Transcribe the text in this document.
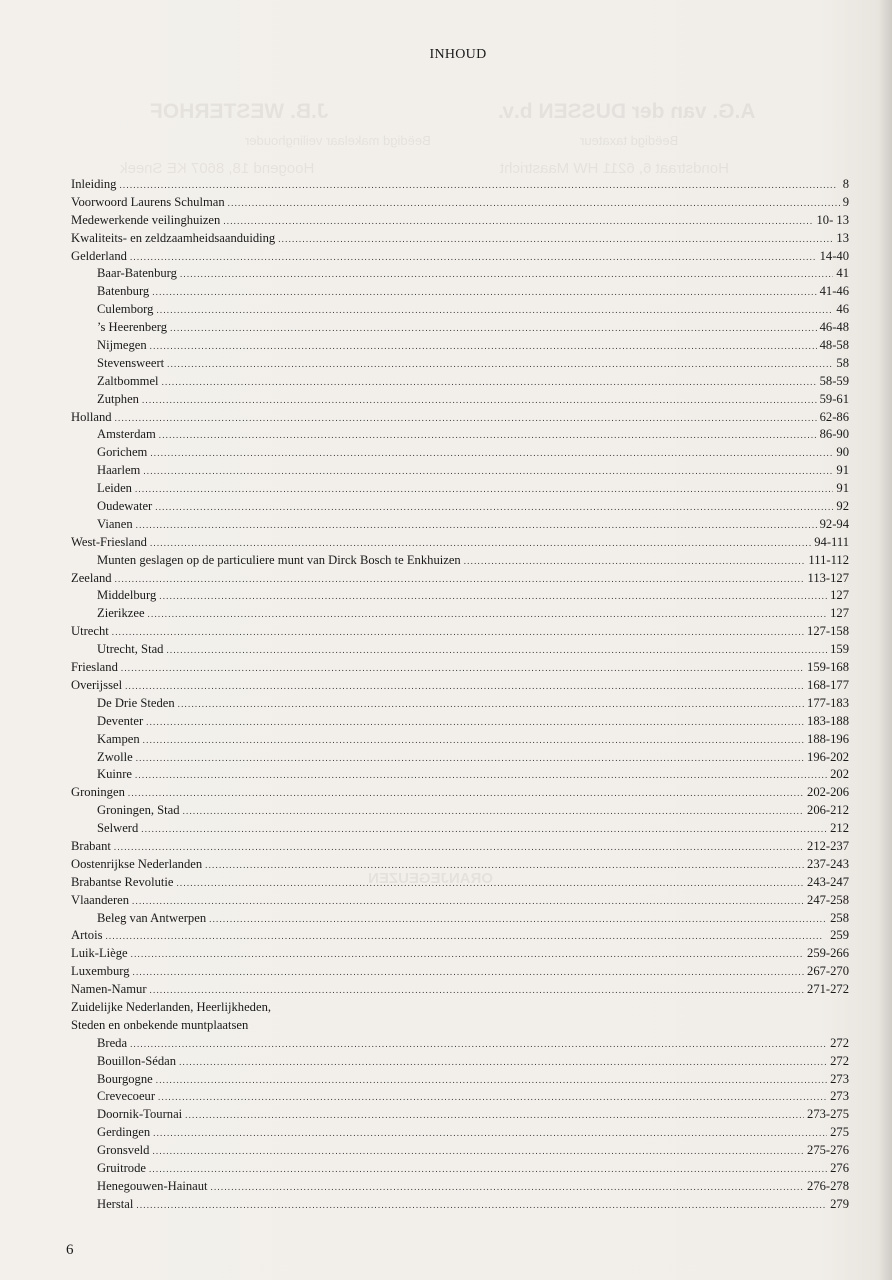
A.G. van der DUSSEN b.v.
J.B. WESTERHOF
Beëdigd taxateur
Beëdigd makelaar veilinghouder
Hondstraat 6, 6211 HW Maastricht
Hoogend 18, 8607 KE Sneek
ORANJEGEUZEN
INHOUD
Inleiding .....	8
Voorwoord Laurens Schulman .....	9
Medewerkende veilinghuizen .....	10- 13
Kwaliteits- en zeldzaamheidsaanduiding .....	13
Gelderland .....	14-40
Baar-Batenburg .....	41
Batenburg .....	41-46
Culemborg .....	46
’s Heerenberg .....	46-48
Nijmegen .....	48-58
Stevensweert .....	58
Zaltbommel .....	58-59
Zutphen .....	59-61
Holland .....	62-86
Amsterdam .....	86-90
Gorichem .....	90
Haarlem .....	91
Leiden .....	91
Oudewater .....	92
Vianen .....	92-94
West-Friesland .....	94-111
Munten geslagen op de particuliere munt van Dirck Bosch te Enkhuizen .....	111-112
Zeeland .....	113-127
Middelburg .....	127
Zierikzee .....	127
Utrecht .....	127-158
Utrecht, Stad .....	159
Friesland .....	159-168
Overijssel .....	168-177
De Drie Steden .....	177-183
Deventer .....	183-188
Kampen .....	188-196
Zwolle .....	196-202
Kuinre .....	202
Groningen .....	202-206
Groningen, Stad .....	206-212
Selwerd .....	212
Brabant .....	212-237
Oostenrijkse Nederlanden .....	237-243
Brabantse Revolutie .....	243-247
Vlaanderen .....	247-258
Beleg van Antwerpen .....	258
Artois .....	259
Luik-Liège .....	259-266
Luxemburg .....	267-270
Namen-Namur .....	271-272
Zuidelijke Nederlanden, Heerlijkheden,
Steden en onbekende muntplaatsen
Breda .....	272
Bouillon-Sédan .....	272
Bourgogne .....	273
Crevecoeur .....	273
Doornik-Tournai .....	273-275
Gerdingen .....	275
Gronsveld .....	275-276
Gruitrode .....	276
Henegouwen-Hainaut .....	276-278
Herstal .....	279
6
